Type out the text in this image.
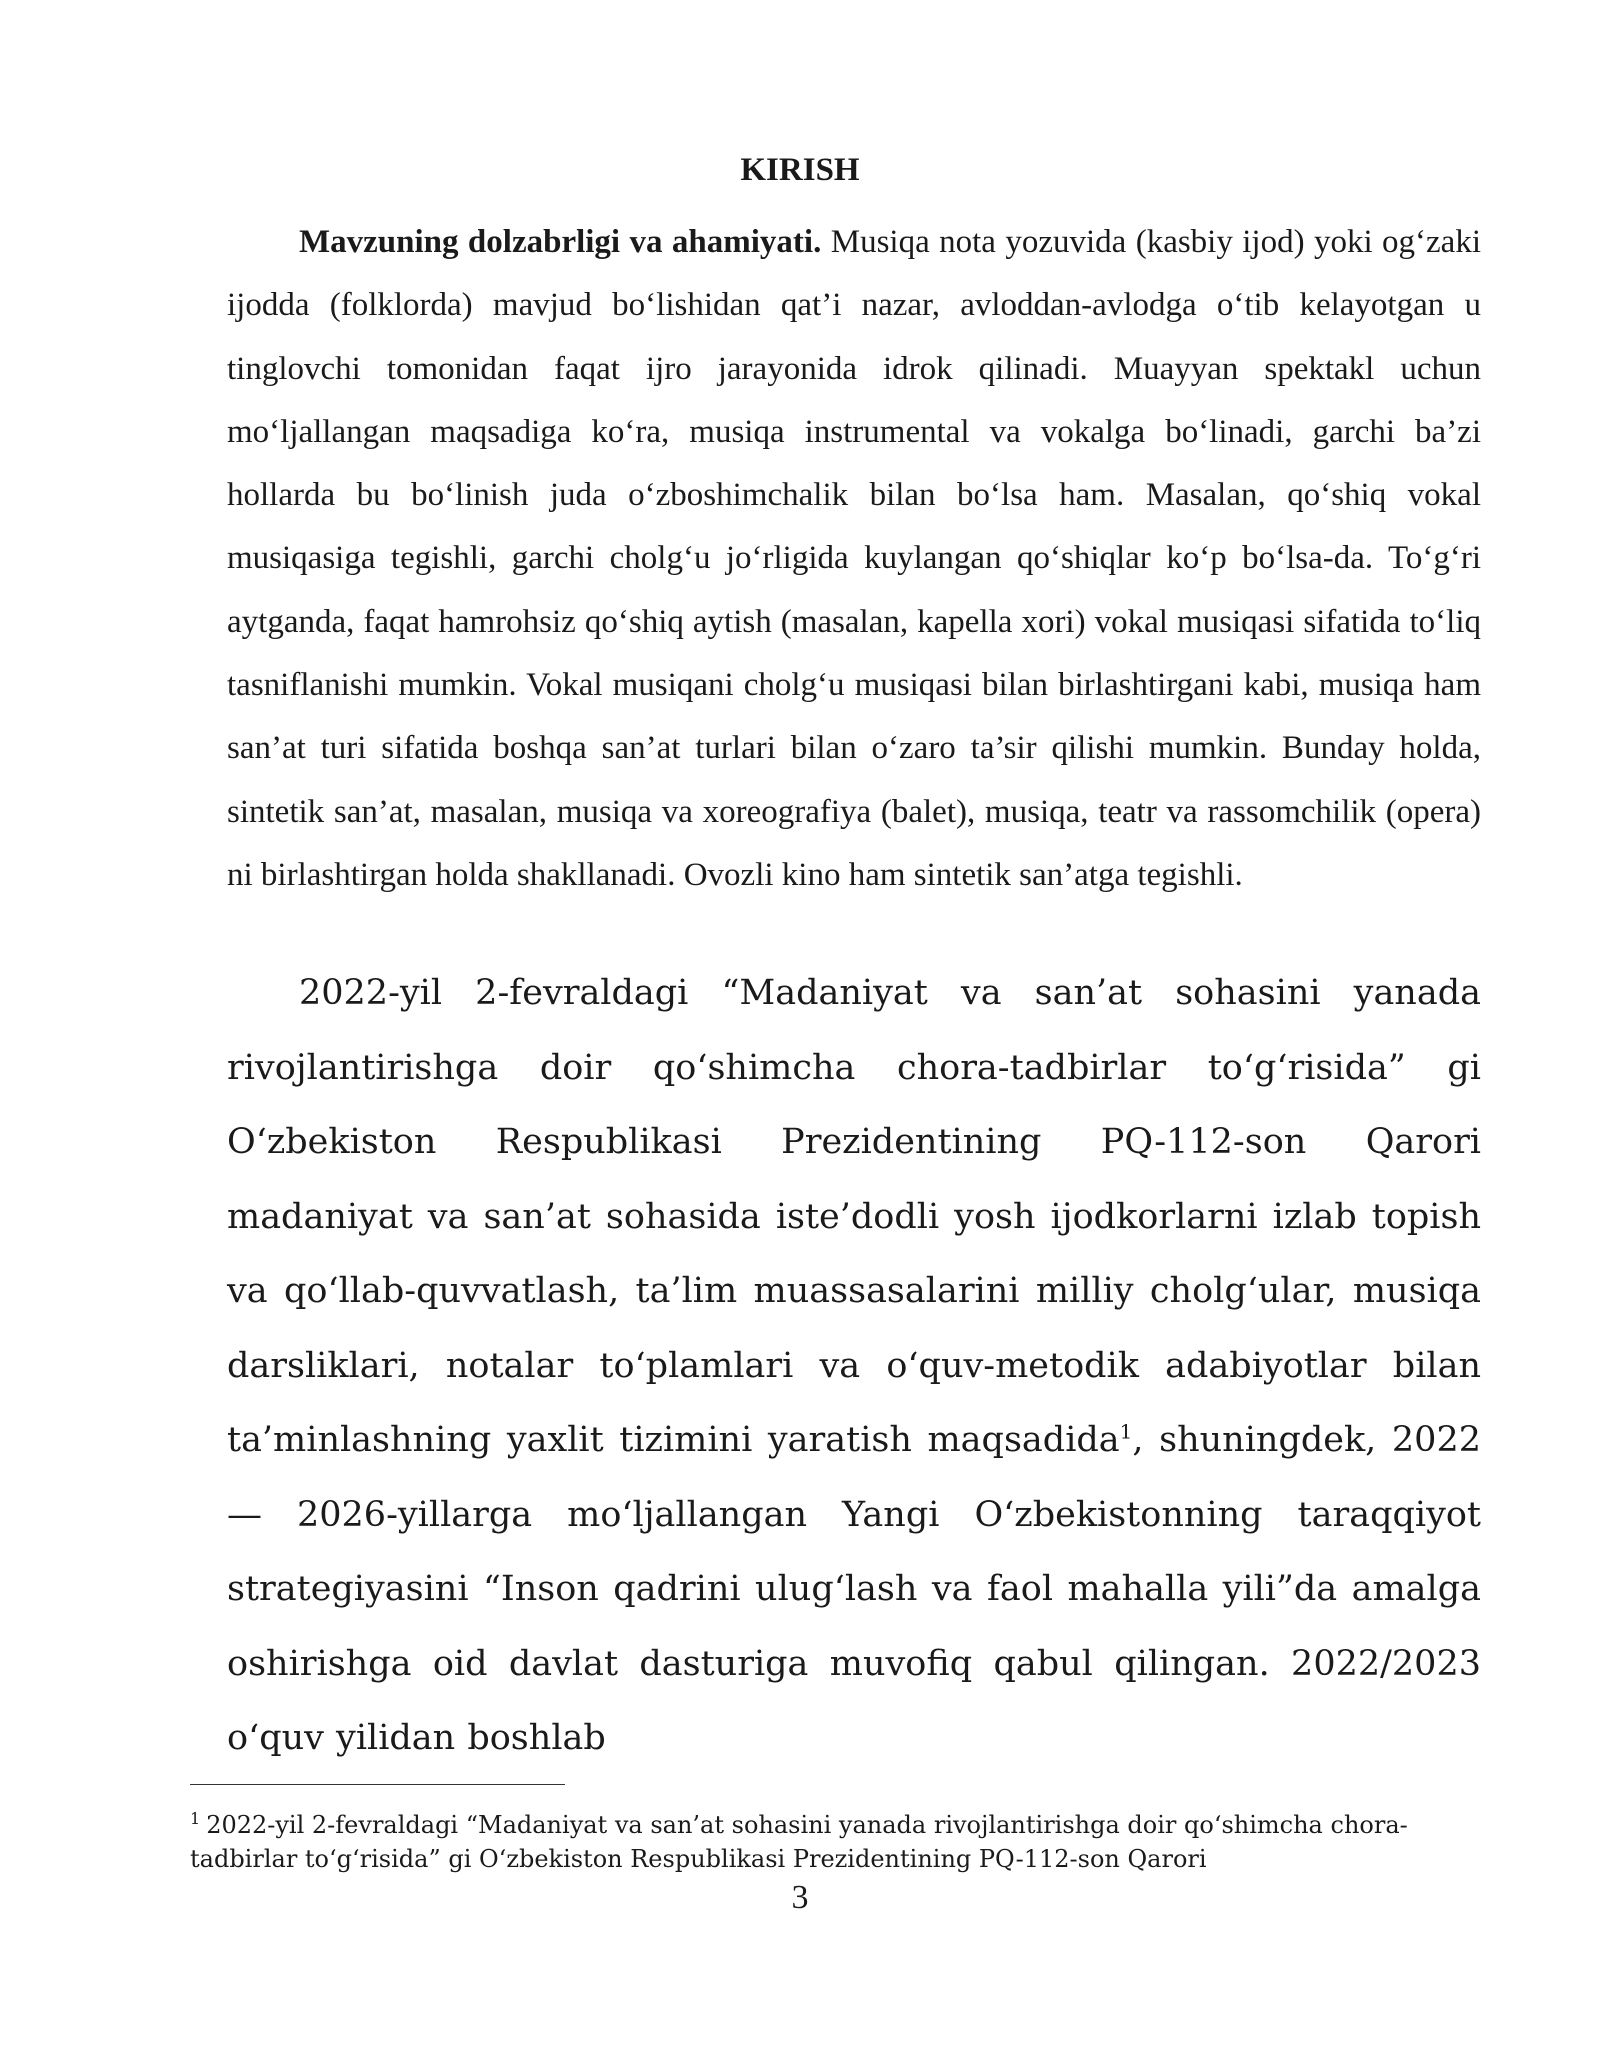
KIRISH

Mavzuning dolzabrligi va ahamiyati. Musiqa nota yozuvida (kasbiy ijod) yoki og‘zaki ijodda (folklorda) mavjud bo‘lishidan qat’i nazar, avloddan-avlodga o‘tib kelayotgan u tinglovchi tomonidan faqat ijro jarayonida idrok qilinadi. Muayyan spektakl uchun mo‘ljallangan maqsadiga ko‘ra, musiqa instrumental va vokalga bo‘linadi, garchi ba’zi hollarda bu bo‘linish juda o‘zboshimchalik bilan bo‘lsa ham. Masalan, qo‘shiq vokal musiqasiga tegishli, garchi cholg‘u jo‘rligida kuylangan qo‘shiqlar ko‘p bo‘lsa-da. To‘g‘ri aytganda, faqat hamrohsiz qo‘shiq aytish (masalan, kapella xori) vokal musiqasi sifatida to‘liq tasniflanishi mumkin. Vokal musiqani cholg‘u musiqasi bilan birlashtirgani kabi, musiqa ham san’at turi sifatida boshqa san’at turlari bilan o‘zaro ta’sir qilishi mumkin. Bunday holda, sintetik san’at, masalan, musiqa va xoreografiya (balet), musiqa, teatr va rassomchilik (opera) ni birlashtirgan holda shakllanadi. Ovozli kino ham sintetik san’atga tegishli.

2022-yil 2-fevraldagi “Madaniyat va san’at sohasini yanada rivojlantirishga doir qo‘shimcha chora-tadbirlar to‘g‘risida” gi O‘zbekiston Respublikasi Prezidentining PQ-112-son Qarori madaniyat va san’at sohasida iste’dodli yosh ijodkorlarni izlab topish va qo‘llab-quvvatlash, ta’lim muassasalarini milliy cholg‘ular, musiqa darsliklari, notalar to‘plamlari va o‘quv-metodik adabiyotlar bilan ta’minlashning yaxlit tizimini yaratish maqsadida$^1$, shuningdek, 2022 — 2026-yillarga mo‘ljallangan Yangi O‘zbekistonning taraqqiyot strategiyasini “Inson qadrini ulug‘lash va faol mahalla yili”da amalga oshirishga oid davlat dasturiga muvofiq qabul qilingan. 2022/2023 o‘quv yilidan boshlab

$^1$ 2022-yil 2-fevraldagi “Madaniyat va san’at sohasini yanada rivojlantirishga doir qo‘shimcha chora-tadbirlar to‘g‘risida” gi O‘zbekiston Respublikasi Prezidentining PQ-112-son Qarori

3
